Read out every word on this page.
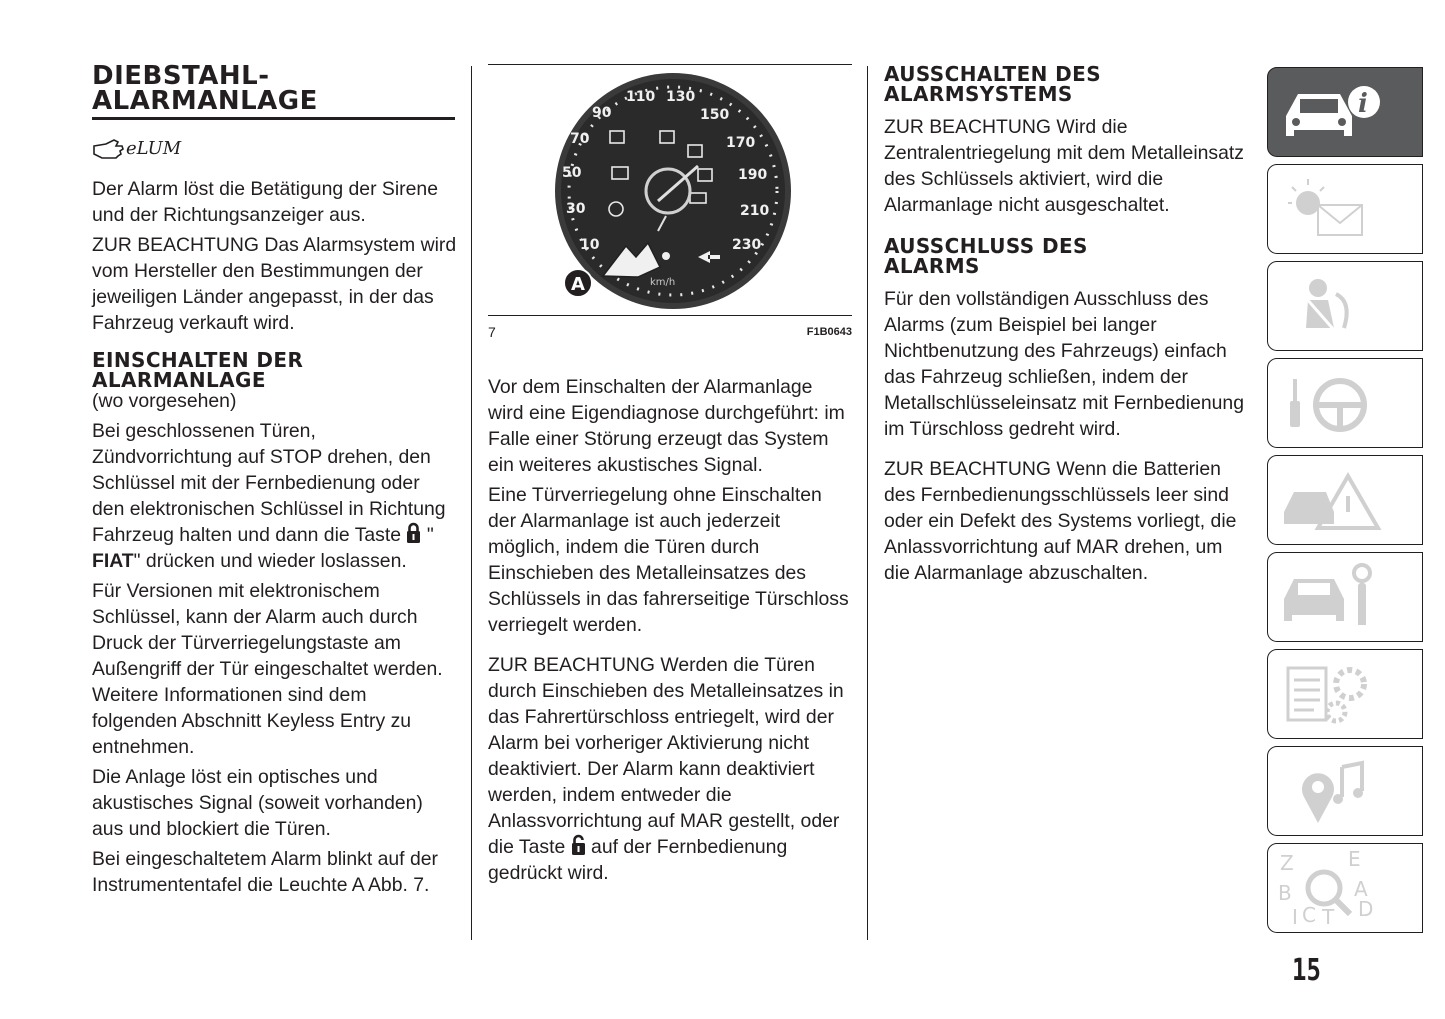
DIEBSTAHL-
ALARMANLAGE
eLUM

Der Alarm löst die Betätigung der Sirene und der Richtungsanzeiger aus.

ZUR BEACHTUNG Das Alarmsystem wird vom Hersteller den Bestimmungen der jeweiligen Länder angepasst, in der das Fahrzeug verkauft wird.

EINSCHALTEN DER
ALARMANLAGE
(wo vorgesehen)

Bei geschlossenen Türen, Zündvorrichtung auf STOP drehen, den Schlüssel mit der Fernbedienung oder den elektronischen Schlüssel in Richtung Fahrzeug halten und dann die Taste  " FIAT" drücken und wieder loslassen.

Für Versionen mit elektronischem Schlüssel, kann der Alarm auch durch Druck der Türverriegelungstaste am Außengriff der Tür eingeschaltet werden. Weitere Informationen sind dem folgenden Abschnitt Keyless Entry zu entnehmen.

Die Anlage löst ein optisches und akustisches Signal (soweit vorhanden) aus und blockiert die Türen.

Bei eingeschaltetem Alarm blinkt auf der Instrumententafel die Leuchte A Abb. 7.

10
30
50
70
90
110 130
150
170
190
210
230
km/h
A
7	F1B0643

Vor dem Einschalten der Alarmanlage wird eine Eigendiagnose durchgeführt: im Falle einer Störung erzeugt das System ein weiteres akustisches Signal.

Eine Türverriegelung ohne Einschalten der Alarmanlage ist auch jederzeit möglich, indem die Türen durch Einschieben des Metalleinsatzes des Schlüssels in das fahrerseitige Türschloss verriegelt werden.

ZUR BEACHTUNG Werden die Türen durch Einschieben des Metalleinsatzes in das Fahrertürschloss entriegelt, wird der Alarm bei vorheriger Aktivierung nicht deaktiviert. Der Alarm kann deaktiviert werden, indem entweder die Anlassvorrichtung auf MAR gestellt, oder die Taste  auf der Fernbedienung gedrückt wird.

AUSSCHALTEN DES
ALARMSYSTEMS

ZUR BEACHTUNG Wird die Zentralentriegelung mit dem Metalleinsatz des Schlüssels aktiviert, wird die Alarmanlage nicht ausgeschaltet.

AUSSCHLUSS DES
ALARMS

Für den vollständigen Ausschluss des Alarms (zum Beispiel bei langer Nichtbenutzung des Fahrzeugs) einfach das Fahrzeug schließen, indem der Metallschlüsseleinsatz mit Fernbedienung im Türschloss gedreht wird.

ZUR BEACHTUNG Wenn die Batterien des Fernbedienungsschlüssels leer sind oder ein Defekt des Systems vorliegt, die Anlassvorrichtung auf MAR drehen, um die Alarmanlage abzuschalten.

i
Z	E
B	A
I C T D
15
